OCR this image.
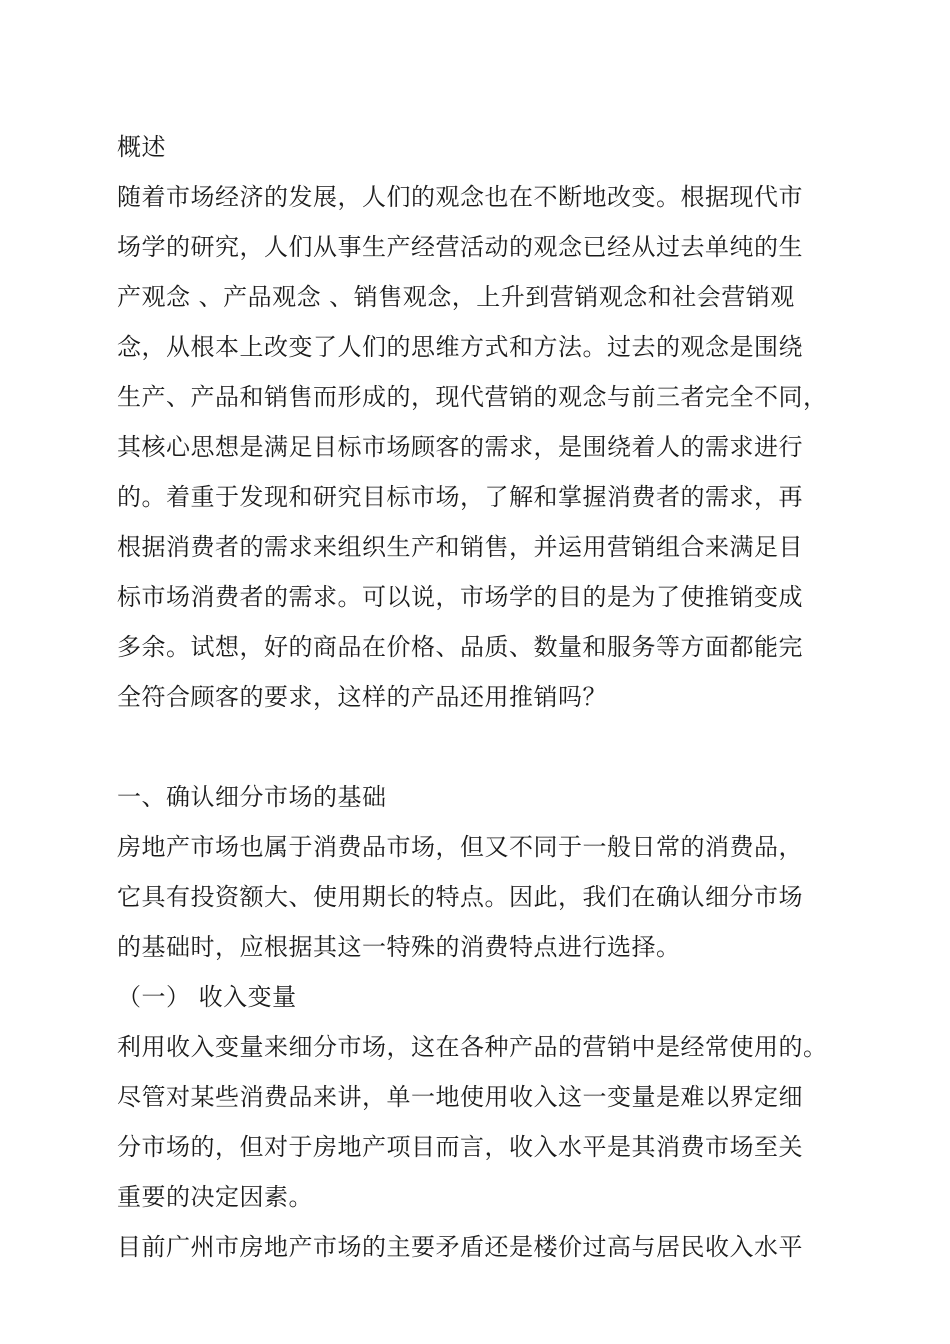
概述

随着市场经济的发展，人们的观念也在不断地改变。根据现代市
场学的研究，人们从事生产经营活动的观念已经从过去单纯的生
产观念 、产品观念 、销售观念，上升到营销观念和社会营销观
念，从根本上改变了人们的思维方式和方法。过去的观念是围绕
生产、产品和销售而形成的，现代营销的观念与前三者完全不同，
其核心思想是满足目标市场顾客的需求，是围绕着人的需求进行
的。着重于发现和研究目标市场，了解和掌握消费者的需求，再
根据消费者的需求来组织生产和销售，并运用营销组合来满足目
标市场消费者的需求。可以说，市场学的目的是为了使推销变成
多余。试想，好的商品在价格、品质、数量和服务等方面都能完
全符合顾客的要求，这样的产品还用推销吗？

一、确认细分市场的基础

房地产市场也属于消费品市场，但又不同于一般日常的消费品，
它具有投资额大、使用期长的特点。因此，我们在确认细分市场
的基础时，应根据其这一特殊的消费特点进行选择。

（一） 收入变量

利用收入变量来细分市场，这在各种产品的营销中是经常使用的。
尽管对某些消费品来讲，单一地使用收入这一变量是难以界定细
分市场的，但对于房地产项目而言，收入水平是其消费市场至关
重要的决定因素。

目前广州市房地产市场的主要矛盾还是楼价过高与居民收入水平
